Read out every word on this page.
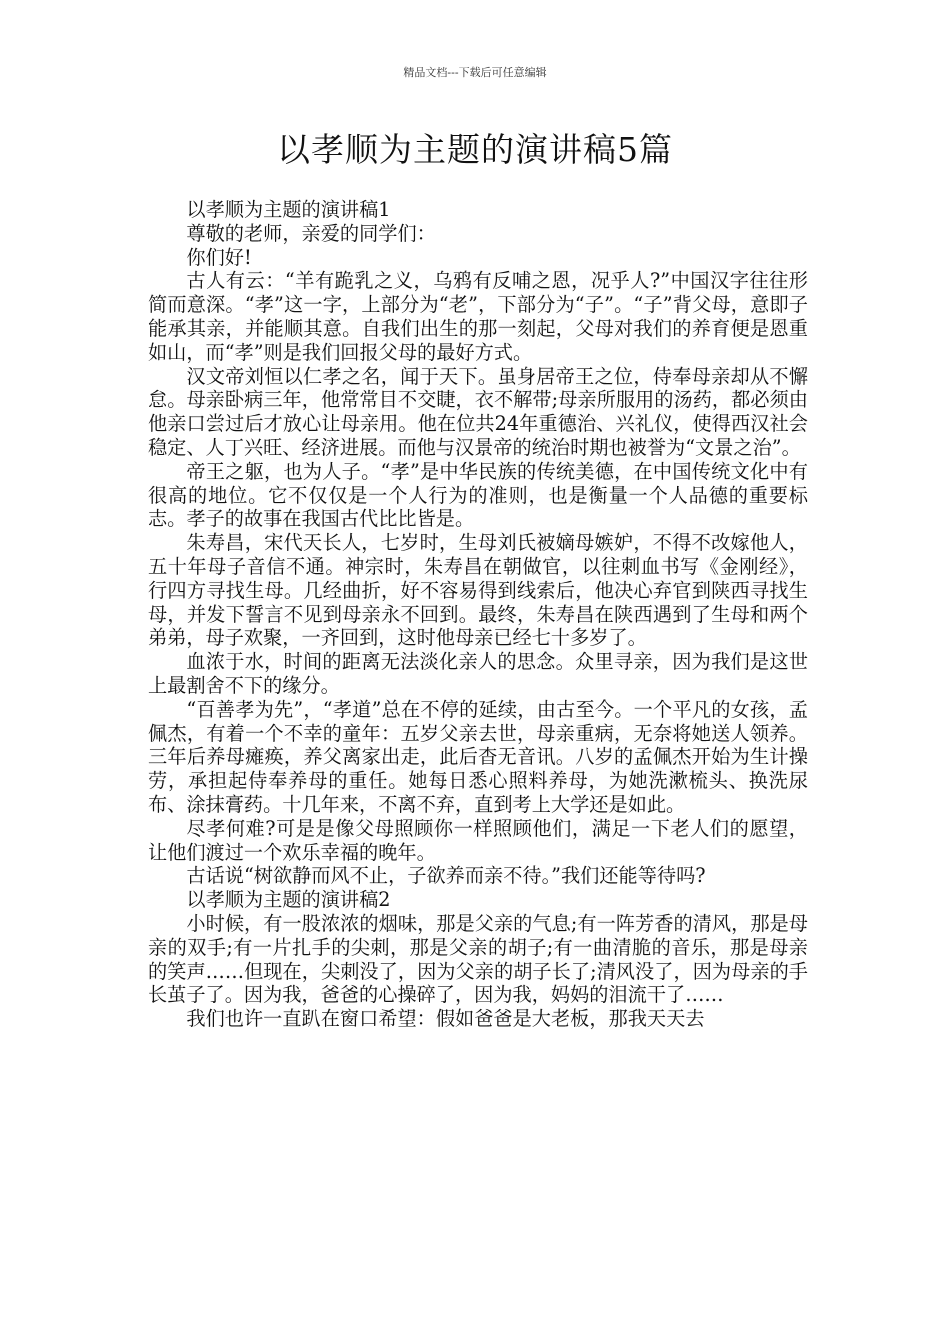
精品文档---下载后可任意编辑
以孝顺为主题的演讲稿5篇

以孝顺为主题的演讲稿1

尊敬的老师，亲爱的同学们：

你们好!

古人有云：“羊有跪乳之义，乌鸦有反哺之恩，况乎人?”中国汉字往往形简而意深。“孝”这一字，上部分为“老”，下部分为“子”。“子”背父母，意即子能承其亲，并能顺其意。自我们出生的那一刻起，父母对我们的养育便是恩重如山，而“孝”则是我们回报父母的最好方式。

汉文帝刘恒以仁孝之名，闻于天下。虽身居帝王之位，侍奉母亲却从不懈怠。母亲卧病三年，他常常目不交睫，衣不解带;母亲所服用的汤药，都必须由他亲口尝过后才放心让母亲用。他在位共24年重德治、兴礼仪，使得西汉社会稳定、人丁兴旺、经济进展。而他与汉景帝的统治时期也被誉为“文景之治”。

帝王之躯，也为人子。“孝”是中华民族的传统美德，在中国传统文化中有很高的地位。它不仅仅是一个人行为的准则，也是衡量一个人品德的重要标志。孝子的故事在我国古代比比皆是。

朱寿昌，宋代天长人，七岁时，生母刘氏被嫡母嫉妒，不得不改嫁他人，五十年母子音信不通。神宗时，朱寿昌在朝做官，以往刺血书写《金刚经》，行四方寻找生母。几经曲折，好不容易得到线索后，他决心弃官到陕西寻找生母，并发下誓言不见到母亲永不回到。最终，朱寿昌在陕西遇到了生母和两个弟弟，母子欢聚，一齐回到，这时他母亲已经七十多岁了。

血浓于水，时间的距离无法淡化亲人的思念。众里寻亲，因为我们是这世上最割舍不下的缘分。

“百善孝为先”，“孝道”总在不停的延续，由古至今。一个平凡的女孩，孟佩杰，有着一个不幸的童年：五岁父亲去世，母亲重病，无奈将她送人领养。三年后养母瘫痪，养父离家出走，此后杳无音讯。八岁的孟佩杰开始为生计操劳，承担起侍奉养母的重任。她每日悉心照料养母，为她洗漱梳头、换洗尿布、涂抹膏药。十几年来，不离不弃，直到考上大学还是如此。

尽孝何难?可是是像父母照顾你一样照顾他们，满足一下老人们的愿望，让他们渡过一个欢乐幸福的晚年。

古话说“树欲静而风不止，子欲养而亲不待。”我们还能等待吗?

以孝顺为主题的演讲稿2

小时候，有一股浓浓的烟味，那是父亲的气息;有一阵芳香的清风，那是母亲的双手;有一片扎手的尖刺，那是父亲的胡子;有一曲清脆的音乐，那是母亲的笑声……但现在，尖刺没了，因为父亲的胡子长了;清风没了，因为母亲的手长茧子了。因为我，爸爸的心操碎了，因为我，妈妈的泪流干了……

我们也许一直趴在窗口希望：假如爸爸是大老板，那我天天去
